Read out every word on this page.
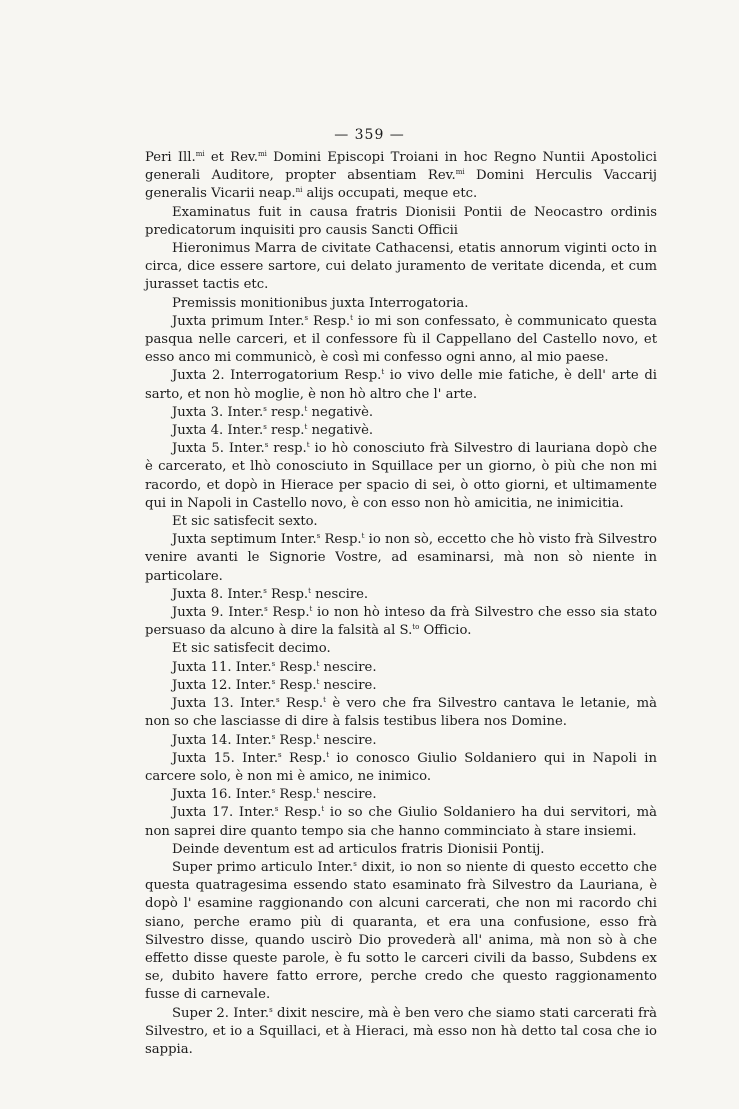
— 359 —

Peri Ill.$^{mi}$ et Rev.$^{mi}$ Domini Episcopi Troiani in hoc Regno Nuntii Apostolici generali Auditore, propter absentiam Rev.$^{mi}$ Domini Herculis Vaccarij generalis Vicarii neap.$^{ni}$ alijs occupati, meque etc.

Examinatus fuit in causa fratris Dionisii Pontii de Neocastro ordinis predicatorum inquisiti pro causis Sancti Officii

Hieronimus Marra de civitate Cathacensi, etatis annorum viginti octo in circa, dice essere sartore, cui delato juramento de veritate dicenda, et cum jurasset tactis etc.

Premissis monitionibus juxta Interrogatoria.

Juxta primum Inter.$^s$ Resp.$^t$ io mi son confessato, è communicato questa pasqua nelle carceri, et il confessore fù il Cappellano del Castello novo, et esso anco mi communicò, è così mi confesso ogni anno, al mio paese.

Juxta 2. Interrogatorium Resp.$^t$ io vivo delle mie fatiche, è dell' arte di sarto, et non hò moglie, è non hò altro che l' arte.

Juxta 3. Inter.$^s$ resp.$^t$ negativè.

Juxta 4. Inter.$^s$ resp.$^t$ negativè.

Juxta 5. Inter.$^s$ resp.$^t$ io hò conosciuto frà Silvestro di lauriana dopò che è carcerato, et lhò conosciuto in Squillace per un giorno, ò più che non mi racordo, et dopò in Hierace per spacio di sei, ò otto giorni, et ultimamente qui in Napoli in Castello novo, è con esso non hò amicitia, ne inimicitia.

Et sic satisfecit sexto.

Juxta septimum Inter.$^s$ Resp.$^t$ io non sò, eccetto che hò visto frà Silvestro venire avanti le Signorie Vostre, ad esaminarsi, mà non sò niente in particolare.

Juxta 8. Inter.$^s$ Resp.$^t$ nescire.

Juxta 9. Inter.$^s$ Resp.$^t$ io non hò inteso da frà Silvestro che esso sia stato persuaso da alcuno à dire la falsità al S.$^{to}$ Officio.

Et sic satisfecit decimo.

Juxta 11. Inter.$^s$ Resp.$^t$ nescire.

Juxta 12. Inter.$^s$ Resp.$^t$ nescire.

Juxta 13. Inter.$^s$ Resp.$^t$ è vero che fra Silvestro cantava le letanie, mà non so che lasciasse di dire à falsis testibus libera nos Domine.

Juxta 14. Inter.$^s$ Resp.$^t$ nescire.

Juxta 15. Inter.$^s$ Resp.$^t$ io conosco Giulio Soldaniero qui in Napoli in carcere solo, è non mi è amico, ne inimico.

Juxta 16. Inter.$^s$ Resp.$^t$ nescire.

Juxta 17. Inter.$^s$ Resp.$^t$ io so che Giulio Soldaniero ha dui servitori, mà non saprei dire quanto tempo sia che hanno comminciato à stare insiemi.

Deinde deventum est ad articulos fratris Dionisii Pontij.

Super primo articulo Inter.$^s$ dixit, io non so niente di questo eccetto che questa quatragesima essendo stato esaminato frà Silvestro da Lauriana, è dopò l' esamine raggionando con alcuni carcerati, che non mi racordo chi siano, perche eramo più di quaranta, et era una confusione, esso frà Silvestro disse, quando uscirò Dio provederà all' anima, mà non sò à che effetto disse queste parole, è fu sotto le carceri civili da basso, Subdens ex se, dubito havere fatto errore, perche credo che questo raggionamento fusse di carnevale.

Super 2. Inter.$^s$ dixit nescire, mà è ben vero che siamo stati carcerati frà Silvestro, et io a Squillaci, et à Hieraci, mà esso non hà detto tal cosa che io sappia.
